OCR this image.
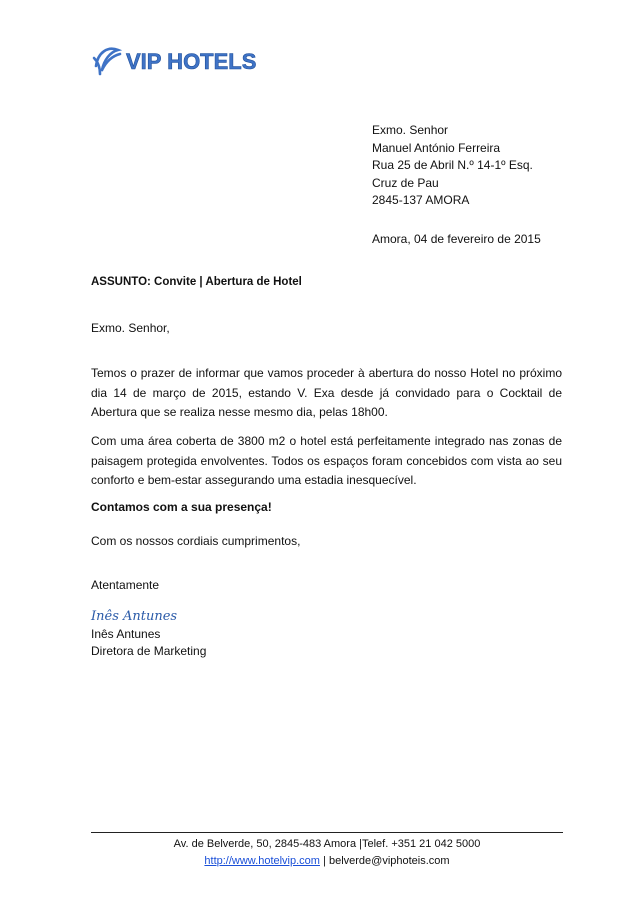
VIP HOTELS
Exmo. Senhor
Manuel António Ferreira
Rua 25 de Abril N.º 14-1º Esq.
Cruz de Pau
2845-137 AMORA
Amora, 04 de fevereiro de 2015
ASSUNTO: Convite | Abertura de Hotel
Exmo. Senhor,
Temos o prazer de informar que vamos proceder à abertura do nosso Hotel no próximo dia 14 de março de 2015, estando V. Exa desde já convidado para o Cocktail de Abertura que se realiza nesse mesmo dia, pelas 18h00.
Com uma área coberta de 3800 m2 o hotel está perfeitamente integrado nas zonas de paisagem protegida envolventes. Todos os espaços foram concebidos com vista ao seu conforto e bem-estar assegurando uma estadia inesquecível.
Contamos com a sua presença!
Com os nossos cordiais cumprimentos,
Atentamente
Inês Antunes
Inês Antunes
Diretora de Marketing
Av. de Belverde, 50, 2845-483 Amora |Telef. +351 21 042 5000
http://www.hotelvip.com | belverde@viphoteis.com
